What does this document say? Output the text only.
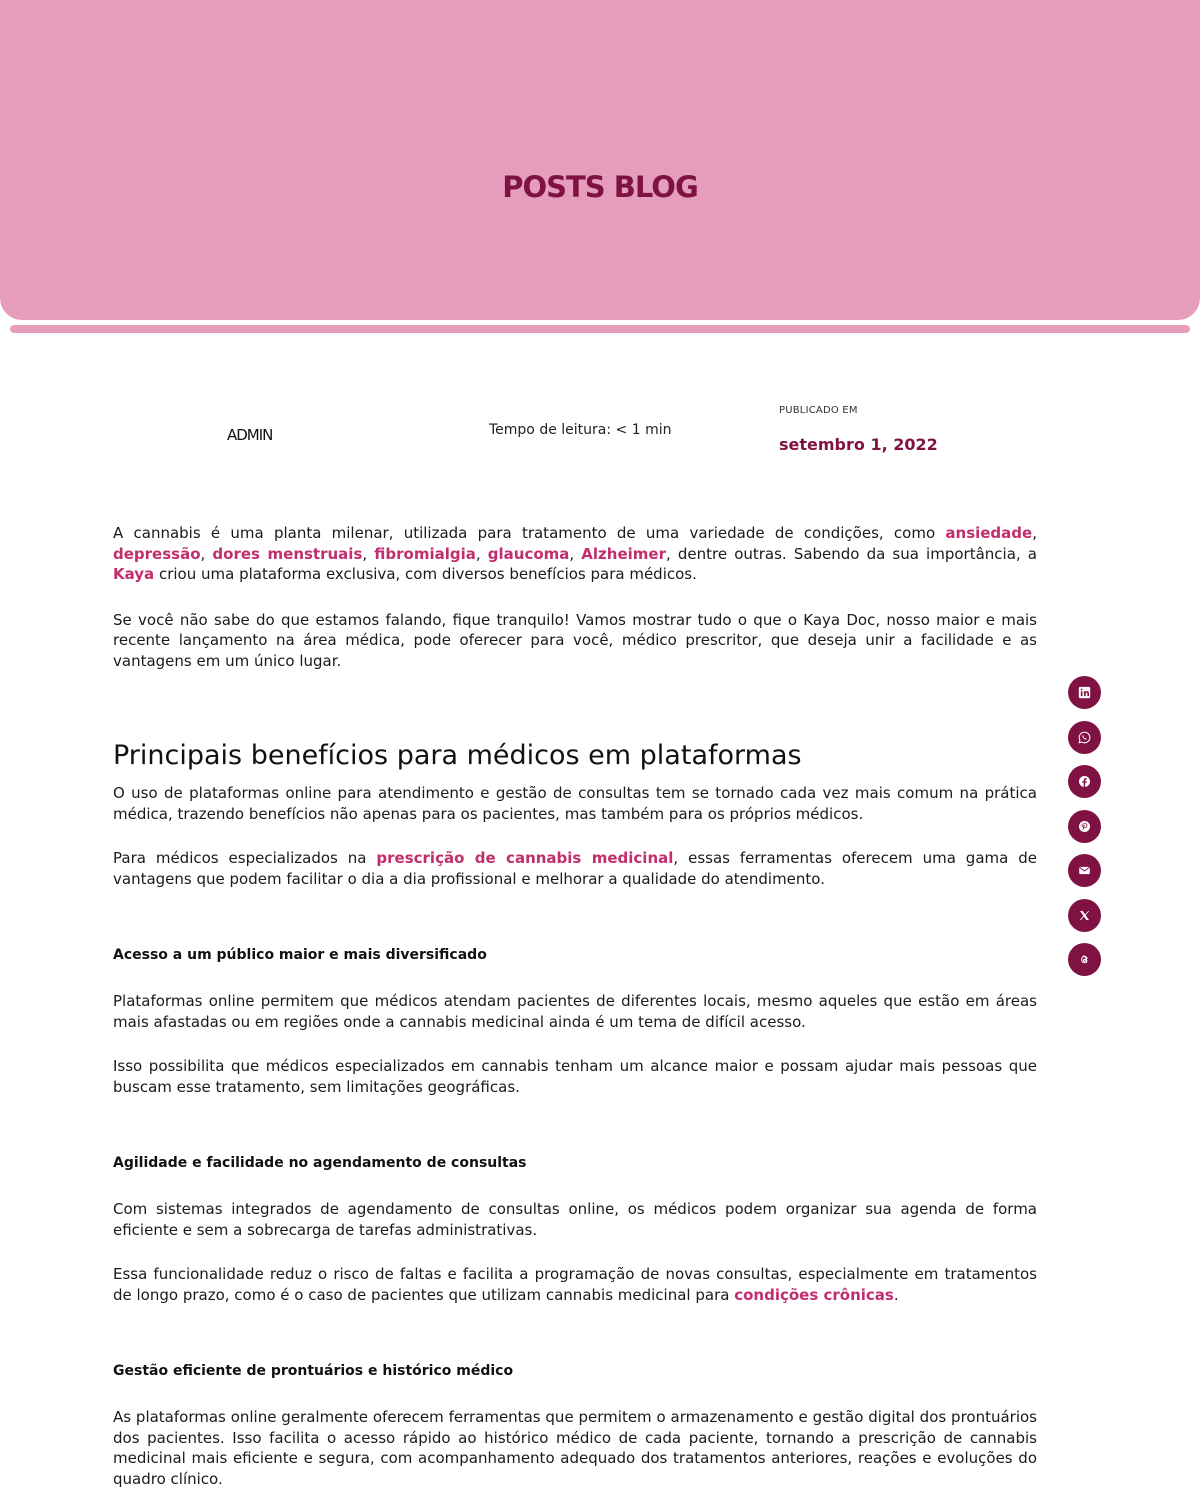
POSTS BLOG
ADMIN	Tempo de leitura: < 1 min
PUBLICADO EM
setembro 1, 2022

A cannabis é uma planta milenar, utilizada para tratamento de uma variedade de condições, como ansiedade, depressão, dores menstruais, fibromialgia, glaucoma, Alzheimer, dentre outras. Sabendo da sua importância, a Kaya criou uma plataforma exclusiva, com diversos benefícios para médicos.

Se você não sabe do que estamos falando, fique tranquilo! Vamos mostrar tudo o que o Kaya Doc, nosso maior e mais recente lançamento na área médica, pode oferecer para você, médico prescritor, que deseja unir a facilidade e as vantagens em um único lugar.

Principais benefícios para médicos em plataformas

O uso de plataformas online para atendimento e gestão de consultas tem se tornado cada vez mais comum na prática médica, trazendo benefícios não apenas para os pacientes, mas também para os próprios médicos.

Para médicos especializados na prescrição de cannabis medicinal, essas ferramentas oferecem uma gama de vantagens que podem facilitar o dia a dia profissional e melhorar a qualidade do atendimento.

Acesso a um público maior e mais diversificado

Plataformas online permitem que médicos atendam pacientes de diferentes locais, mesmo aqueles que estão em áreas mais afastadas ou em regiões onde a cannabis medicinal ainda é um tema de difícil acesso.

Isso possibilita que médicos especializados em cannabis tenham um alcance maior e possam ajudar mais pessoas que buscam esse tratamento, sem limitações geográficas.

Agilidade e facilidade no agendamento de consultas

Com sistemas integrados de agendamento de consultas online, os médicos podem organizar sua agenda de forma eficiente e sem a sobrecarga de tarefas administrativas.

Essa funcionalidade reduz o risco de faltas e facilita a programação de novas consultas, especialmente em tratamentos de longo prazo, como é o caso de pacientes que utilizam cannabis medicinal para condições crônicas.

Gestão eficiente de prontuários e histórico médico

As plataformas online geralmente oferecem ferramentas que permitem o armazenamento e gestão digital dos prontuários dos pacientes. Isso facilita o acesso rápido ao histórico médico de cada paciente, tornando a prescrição de cannabis medicinal mais eficiente e segura, com acompanhamento adequado dos tratamentos anteriores, reações e evoluções do quadro clínico.
